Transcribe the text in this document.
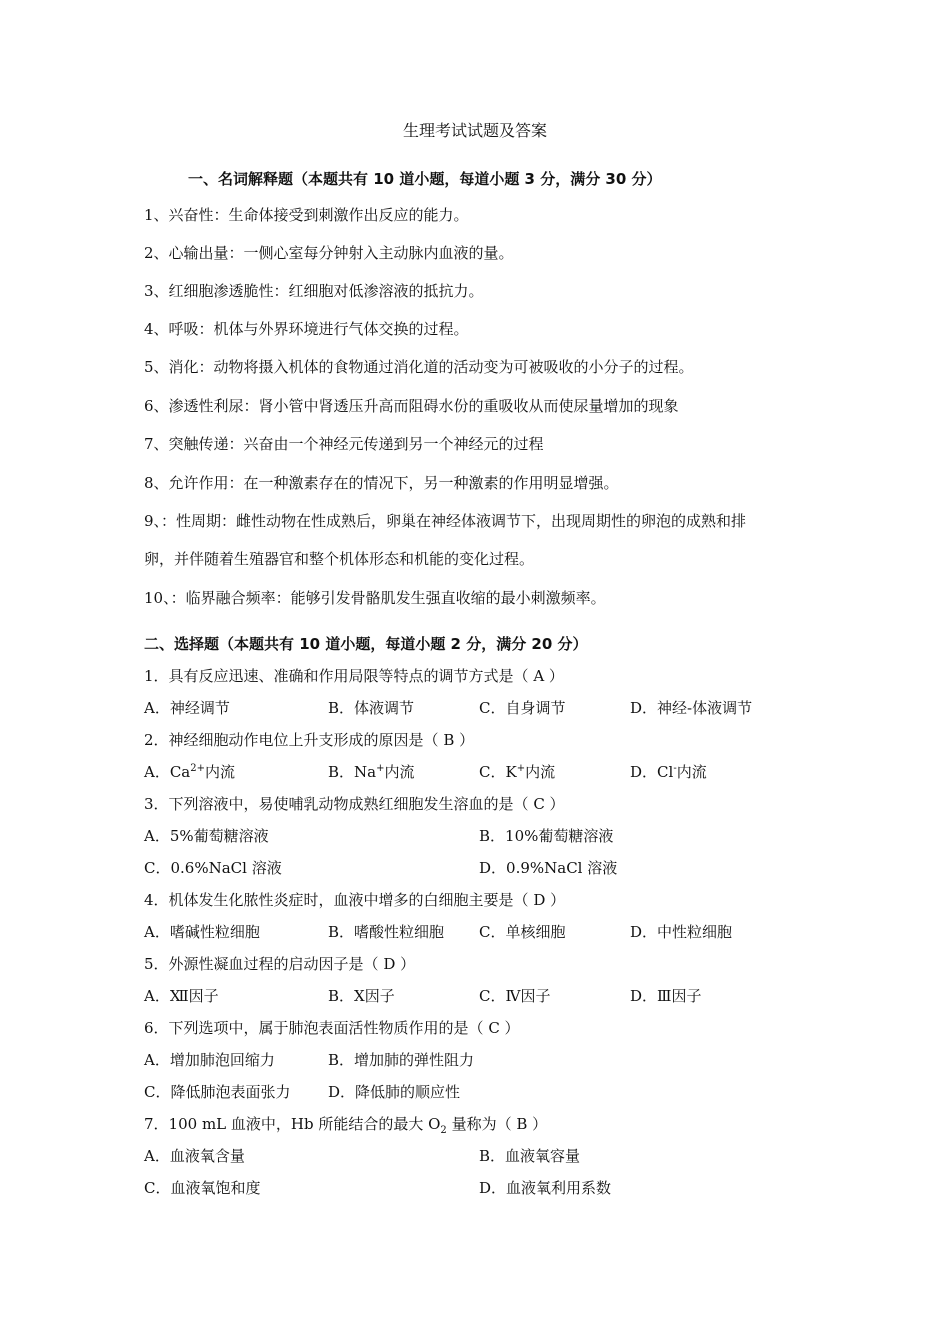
生理考试试题及答案
一、名词解释题（本题共有 10 道小题，每道小题 3 分，满分 30 分）
1、兴奋性：生命体接受到刺激作出反应的能力。
2、心输出量：一侧心室每分钟射入主动脉内血液的量。
3、红细胞渗透脆性：红细胞对低渗溶液的抵抗力。
4、呼吸：机体与外界环境进行气体交换的过程。
5、消化：动物将摄入机体的食物通过消化道的活动变为可被吸收的小分子的过程。
6、渗透性利尿：肾小管中肾透压升高而阻碍水份的重吸收从而使尿量增加的现象
7、突触传递：兴奋由一个神经元传递到另一个神经元的过程
8、允许作用：在一种激素存在的情况下，另一种激素的作用明显增强。
9、：性周期：雌性动物在性成熟后，卵巢在神经体液调节下，出现周期性的卵泡的成熟和排
卵，并伴随着生殖器官和整个机体形态和机能的变化过程。
10、：临界融合频率：能够引发骨骼肌发生强直收缩的最小刺激频率。
二、选择题（本题共有 10 道小题，每道小题 2 分，满分 20 分）
1．具有反应迅速、准确和作用局限等特点的调节方式是（ A ）
A．神经调节	B．体液调节	C．自身调节	D．神经-体液调节
2．神经细胞动作电位上升支形成的原因是（ B ）
A．$Ca^{2+}$内流	B．Na+内流	C．K+内流	D．Cl-内流
3．下列溶液中，易使哺乳动物成熟红细胞发生溶血的是（ C ）
A．5%葡萄糖溶液	B．10%葡萄糖溶液
C．0.6%NaCl 溶液	D．0.9%NaCl 溶液
4．机体发生化脓性炎症时，血液中增多的白细胞主要是（ D ）
A．嗜碱性粒细胞	B．嗜酸性粒细胞 C．单核细胞	D．中性粒细胞
5．外源性凝血过程的启动因子是（ D ）
A．Ⅻ因子	B．Ⅹ因子	C．Ⅳ因子	D．Ⅲ因子
6．下列选项中，属于肺泡表面活性物质作用的是（ C ）
A．增加肺泡回缩力	B．增加肺的弹性阻力
C．降低肺泡表面张力	D．降低肺的顺应性
7．100 mL 血液中，Hb 所能结合的最大 $O_2$ 量称为（ B ）
A．血液氧含量	B．血液氧容量
C．血液氧饱和度	D．血液氧利用系数
